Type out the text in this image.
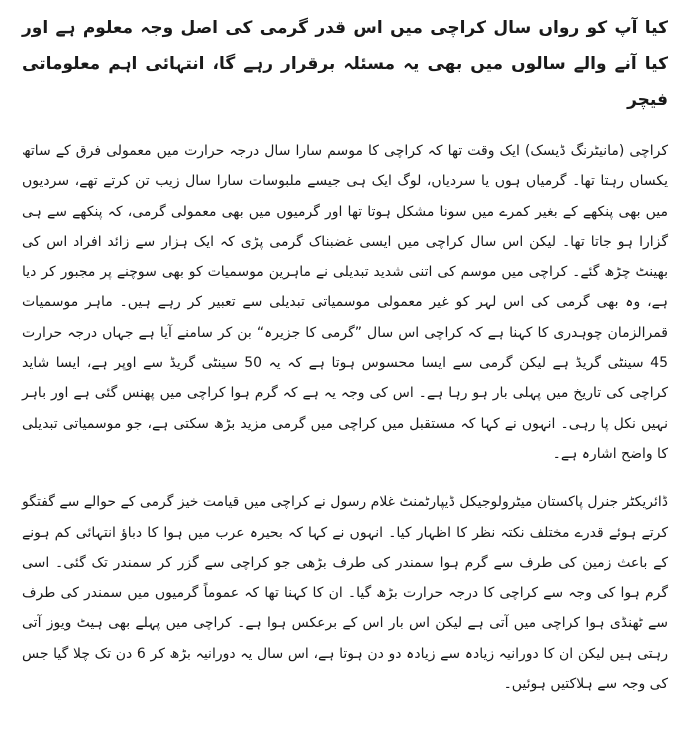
کیا آپ کو رواں سال کراچی میں اس قدر گرمی کی اصل وجہ معلوم ہے اور کیا آنے والے سالوں میں بھی یہ مسئلہ برقرار رہے گا، انتہائی اہم معلوماتی فیچر

کراچی (مانیٹرنگ ڈیسک) ایک وقت تھا کہ کراچی کا موسم سارا سال درجہ حرارت میں معمولی فرق کے ساتھ یکساں رہتا تھا۔ گرمیاں ہوں یا سردیاں، لوگ ایک ہی جیسے ملبوسات سارا سال زیب تن کرتے تھے، سردیوں میں بھی پنکھے کے بغیر کمرے میں سونا مشکل ہوتا تھا اور گرمیوں میں بھی معمولی گرمی، کہ پنکھے سے ہی گزارا ہو جاتا تھا۔ لیکن اس سال کراچی میں ایسی غضبناک گرمی پڑی کہ ایک ہزار سے زائد افراد اس کی بھینٹ چڑھ گئے۔ کراچی میں موسم کی اتنی شدید تبدیلی نے ماہرین موسمیات کو بھی سوچنے پر مجبور کر دیا ہے، وہ بھی گرمی کی اس لہر کو غیر معمولی موسمیاتی تبدیلی سے تعبیر کر رہے ہیں۔ ماہر موسمیات قمرالزمان چوہدری کا کہنا ہے کہ کراچی اس سال ”گرمی کا جزیرہ“ بن کر سامنے آیا ہے جہاں درجہ حرارت 45 سینٹی گریڈ ہے لیکن گرمی سے ایسا محسوس ہوتا ہے کہ یہ 50 سینٹی گریڈ سے اوپر ہے، ایسا شاید کراچی کی تاریخ میں پہلی بار ہو رہا ہے۔ اس کی وجہ یہ ہے کہ گرم ہوا کراچی میں پھنس گئی ہے اور باہر نہیں نکل پا رہی۔ انہوں نے کہا کہ مستقبل میں کراچی میں گرمی مزید بڑھ سکتی ہے، جو موسمیاتی تبدیلی کا واضح اشارہ ہے۔

ڈائریکٹر جنرل پاکستان میٹرولوجیکل ڈیپارٹمنٹ غلام رسول نے کراچی میں قیامت خیز گرمی کے حوالے سے گفتگو کرتے ہوئے قدرے مختلف نکتہ نظر کا اظہار کیا۔ انہوں نے کہا کہ بحیرہ عرب میں ہوا کا دباؤ انتہائی کم ہونے کے باعث زمین کی طرف سے گرم ہوا سمندر کی طرف بڑھی جو کراچی سے گزر کر سمندر تک گئی۔ اسی گرم ہوا کی وجہ سے کراچی کا درجہ حرارت بڑھ گیا۔ ان کا کہنا تھا کہ عموماً گرمیوں میں سمندر کی طرف سے ٹھنڈی ہوا کراچی میں آتی ہے لیکن اس بار اس کے برعکس ہوا ہے۔ کراچی میں پہلے بھی ہیٹ ویوز آتی رہتی ہیں لیکن ان کا دورانیہ زیادہ سے زیادہ دو دن ہوتا ہے، اس سال یہ دورانیہ بڑھ کر 6 دن تک چلا گیا جس کی وجہ سے ہلاکتیں ہوئیں۔
